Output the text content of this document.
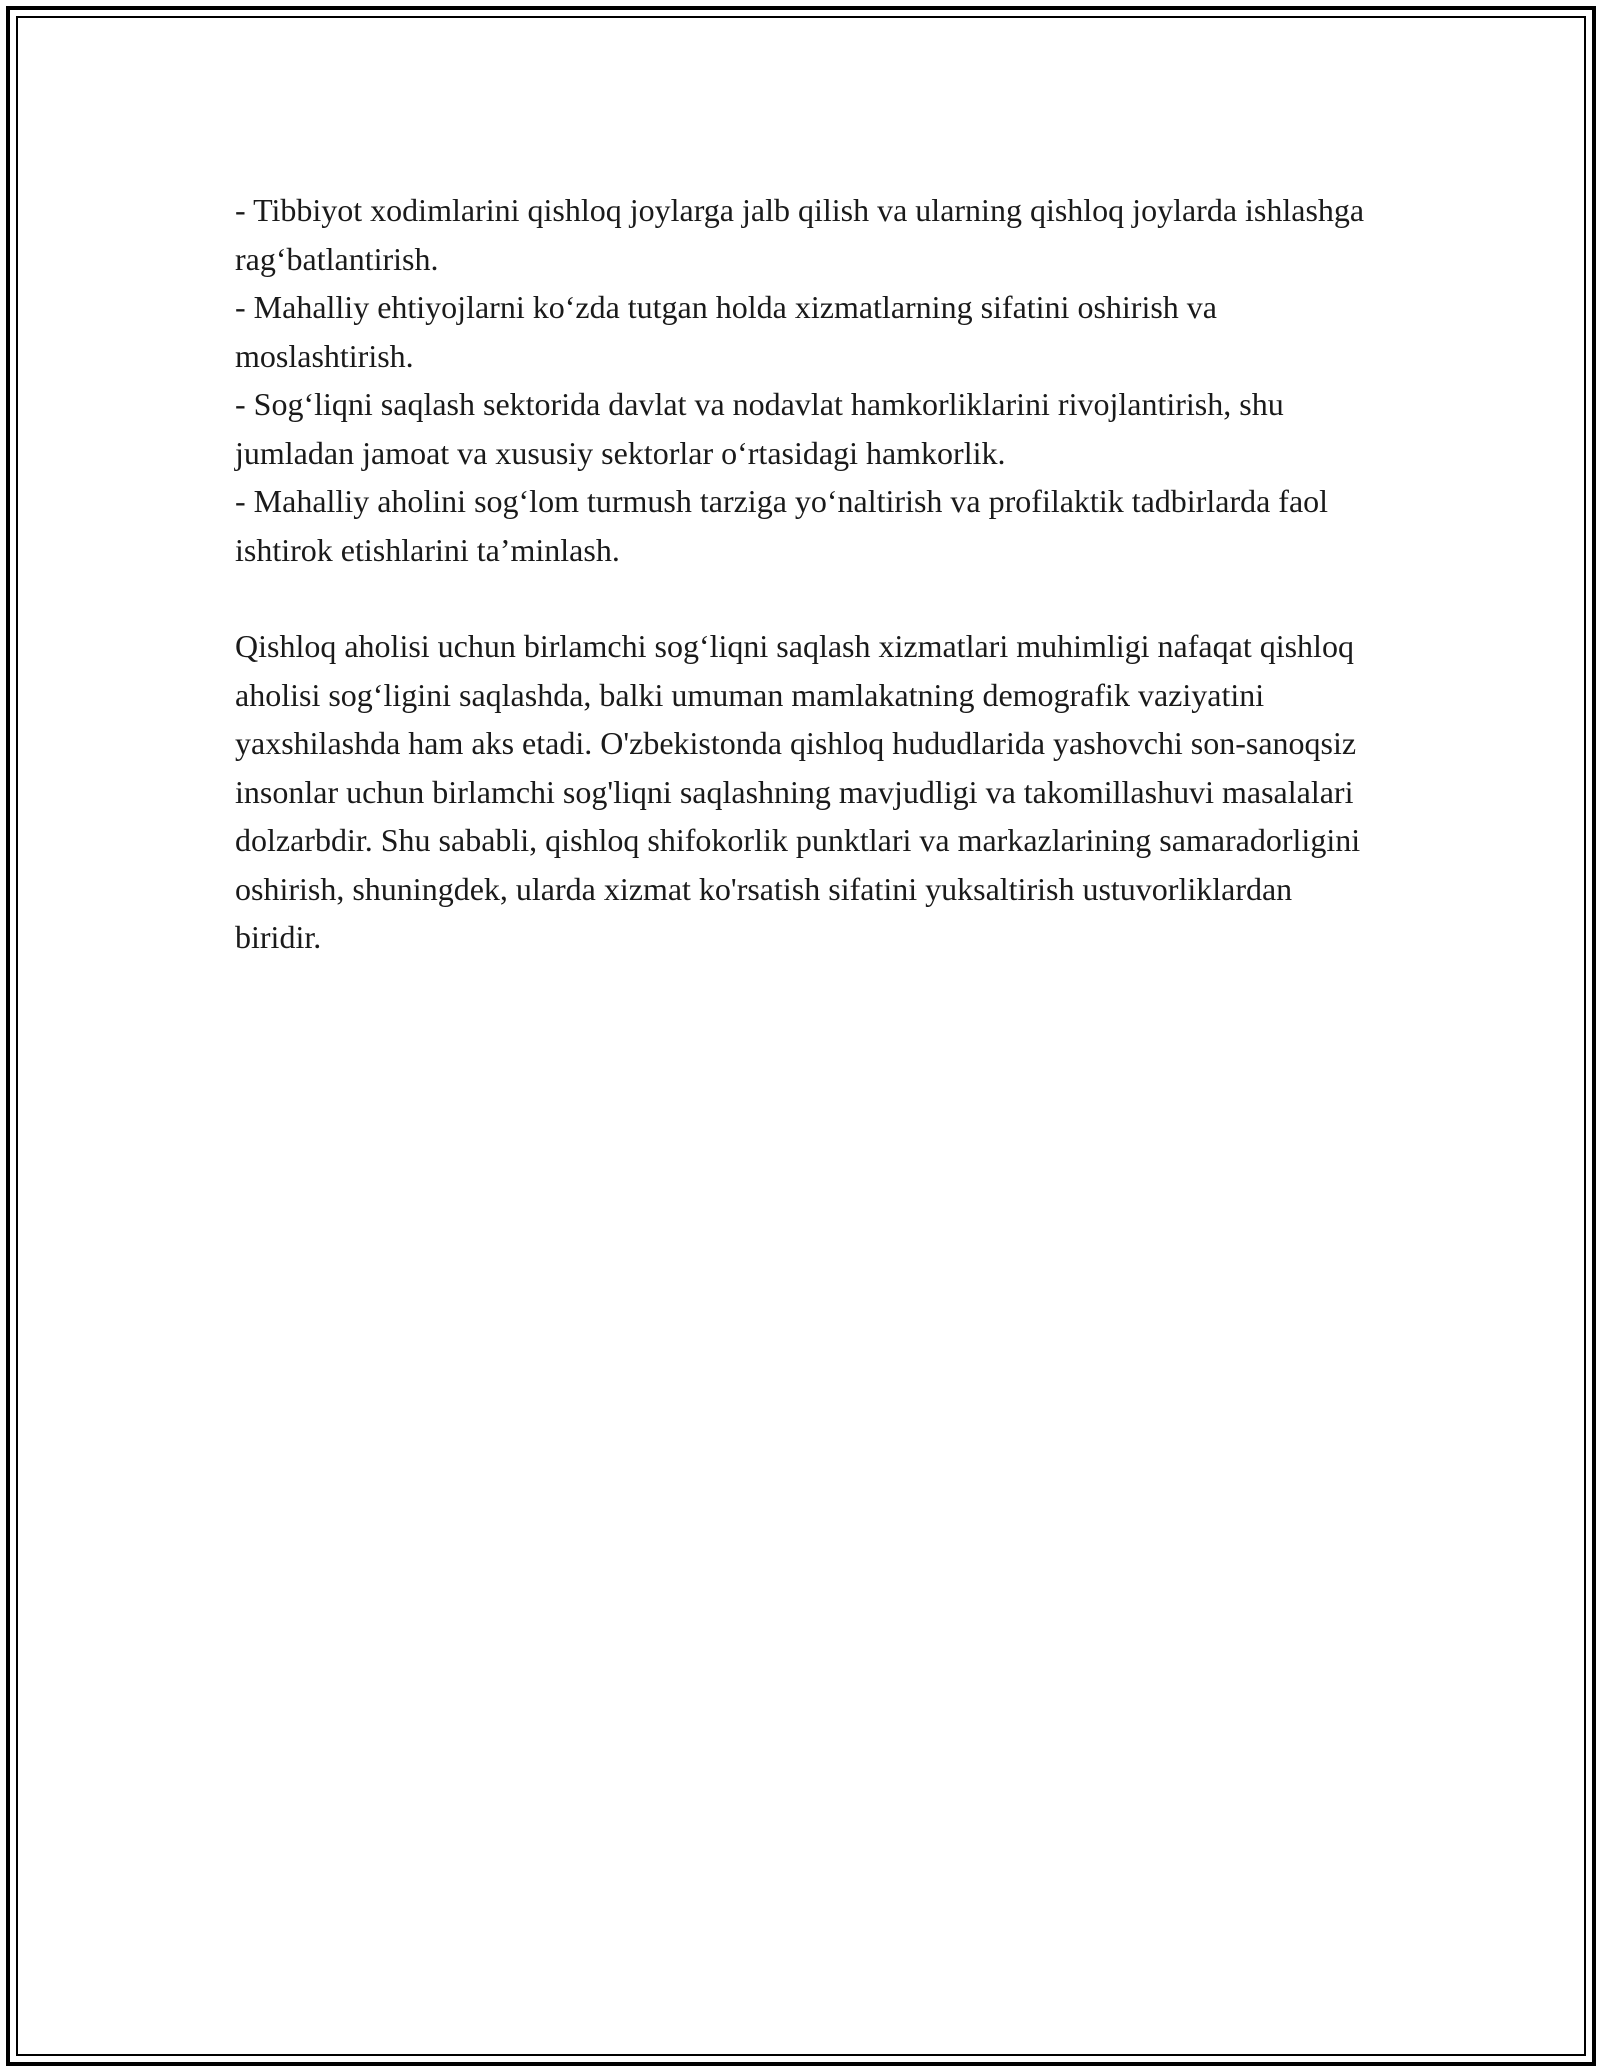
- Tibbiyot xodimlarini qishloq joylarga jalb qilish va ularning qishloq joylarda ishlashga rag‘batlantirish.

- Mahalliy ehtiyojlarni ko‘zda tutgan holda xizmatlarning sifatini oshirish va moslashtirish.

- Sog‘liqni saqlash sektorida davlat va nodavlat hamkorliklarini rivojlantirish, shu jumladan jamoat va xususiy sektorlar o‘rtasidagi hamkorlik.

- Mahalliy aholini sog‘lom turmush tarziga yo‘naltirish va profilaktik tadbirlarda faol ishtirok etishlarini ta’minlash.

Qishloq aholisi uchun birlamchi sog‘liqni saqlash xizmatlari muhimligi nafaqat qishloq aholisi sog‘ligini saqlashda, balki umuman mamlakatning demografik vaziyatini yaxshilashda ham aks etadi. O'zbekistonda qishloq hududlarida yashovchi son-sanoqsiz insonlar uchun birlamchi sog'liqni saqlashning mavjudligi va takomillashuvi masalalari dolzarbdir. Shu sababli, qishloq shifokorlik punktlari va markazlarining samaradorligini oshirish, shuningdek, ularda xizmat ko'rsatish sifatini yuksaltirish ustuvorliklardan biridir.
